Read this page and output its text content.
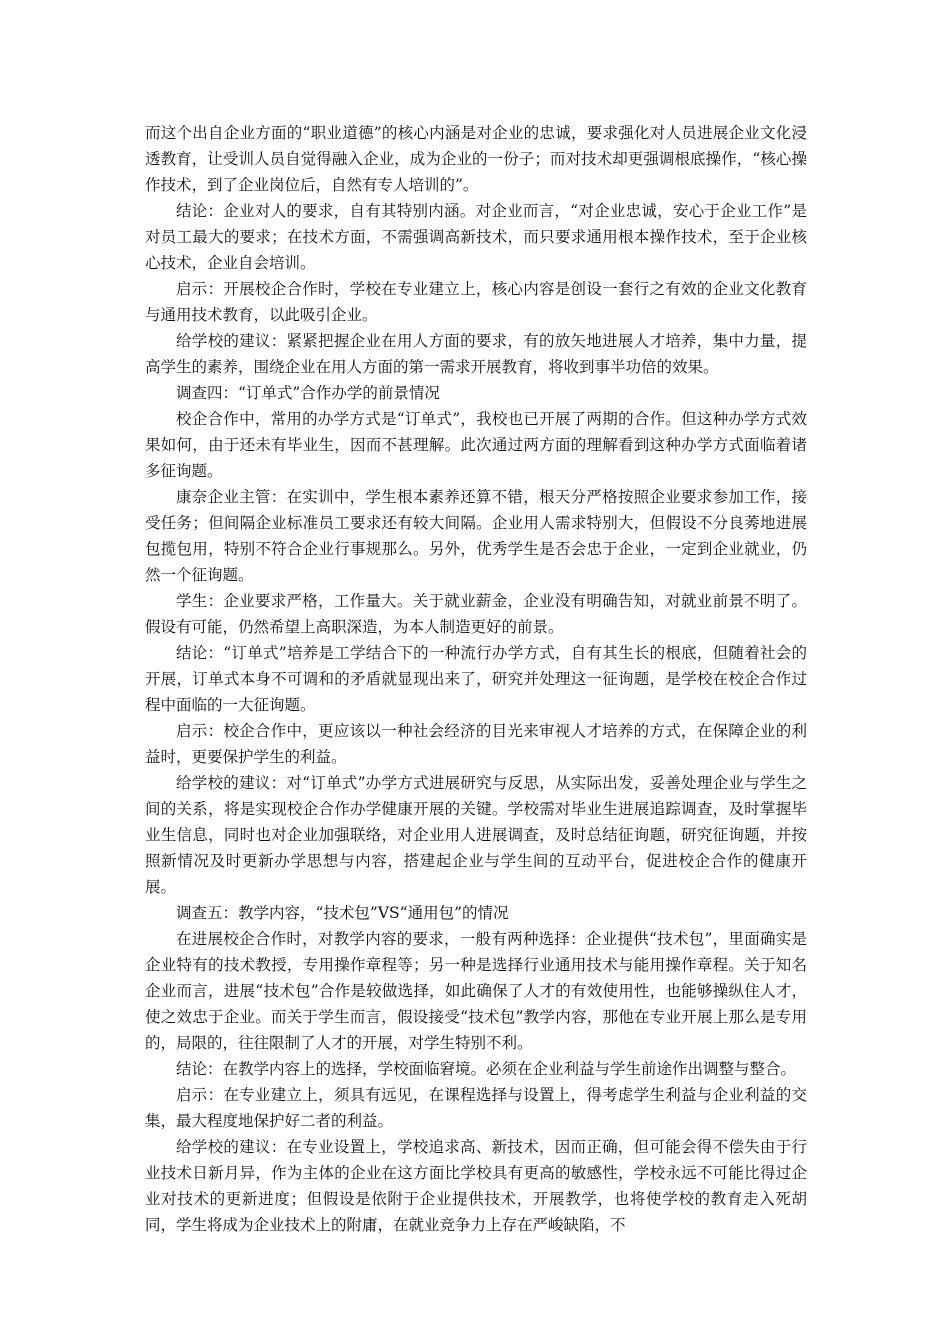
而这个出自企业方面的“职业道德”的核心内涵是对企业的忠诚，要求强化对人员进展企业文化浸透教育，让受训人员自觉得融入企业，成为企业的一份子；而对技术却更强调根底操作，“核心操作技术，到了企业岗位后，自然有专人培训的”。

结论：企业对人的要求，自有其特别内涵。对企业而言，“对企业忠诚，安心于企业工作”是对员工最大的要求；在技术方面，不需强调高新技术，而只要求通用根本操作技术，至于企业核心技术，企业自会培训。

启示：开展校企合作时，学校在专业建立上，核心内容是创设一套行之有效的企业文化教育与通用技术教育，以此吸引企业。

给学校的建议：紧紧把握企业在用人方面的要求，有的放矢地进展人才培养，集中力量，提高学生的素养，围绕企业在用人方面的第一需求开展教育，将收到事半功倍的效果。

调查四：“订单式”合作办学的前景情况

校企合作中，常用的办学方式是“订单式”，我校也已开展了两期的合作。但这种办学方式效果如何，由于还未有毕业生，因而不甚理解。此次通过两方面的理解看到这种办学方式面临着诸多征询题。

康奈企业主管：在实训中，学生根本素养还算不错，根天分严格按照企业要求参加工作，接受任务；但间隔企业标准员工要求还有较大间隔。企业用人需求特别大，但假设不分良莠地进展包揽包用，特别不符合企业行事规那么。另外，优秀学生是否会忠于企业，一定到企业就业，仍然一个征询题。

学生：企业要求严格，工作量大。关于就业薪金，企业没有明确告知，对就业前景不明了。假设有可能，仍然希望上高职深造，为本人制造更好的前景。

结论：“订单式”培养是工学结合下的一种流行办学方式，自有其生长的根底，但随着社会的开展，订单式本身不可调和的矛盾就显现出来了，研究并处理这一征询题，是学校在校企合作过程中面临的一大征询题。

启示：校企合作中，更应该以一种社会经济的目光来审视人才培养的方式，在保障企业的利益时，更要保护学生的利益。

给学校的建议：对“订单式”办学方式进展研究与反思，从实际出发，妥善处理企业与学生之间的关系，将是实现校企合作办学健康开展的关键。学校需对毕业生进展追踪调查，及时掌握毕业生信息，同时也对企业加强联络，对企业用人进展调查，及时总结征询题，研究征询题，并按照新情况及时更新办学思想与内容，搭建起企业与学生间的互动平台，促进校企合作的健康开展。

调查五：教学内容，“技术包”VS“通用包”的情况

在进展校企合作时，对教学内容的要求，一般有两种选择：企业提供“技术包”，里面确实是企业特有的技术教授，专用操作章程等；另一种是选择行业通用技术与能用操作章程。关于知名企业而言，进展“技术包”合作是较做选择，如此确保了人才的有效使用性，也能够操纵住人才，使之效忠于企业。而关于学生而言，假设接受“技术包”教学内容，那他在专业开展上那么是专用的，局限的，往往限制了人才的开展，对学生特别不利。

结论：在教学内容上的选择，学校面临窘境。必须在企业利益与学生前途作出调整与整合。

启示：在专业建立上，须具有远见，在课程选择与设置上，得考虑学生利益与企业利益的交集，最大程度地保护好二者的利益。

给学校的建议：在专业设置上，学校追求高、新技术，因而正确，但可能会得不偿失由于行业技术日新月异，作为主体的企业在这方面比学校具有更高的敏感性，学校永远不可能比得过企业对技术的更新进度；但假设是依附于企业提供技术，开展教学，也将使学校的教育走入死胡同，学生将成为企业技术上的附庸，在就业竞争力上存在严峻缺陷，不
